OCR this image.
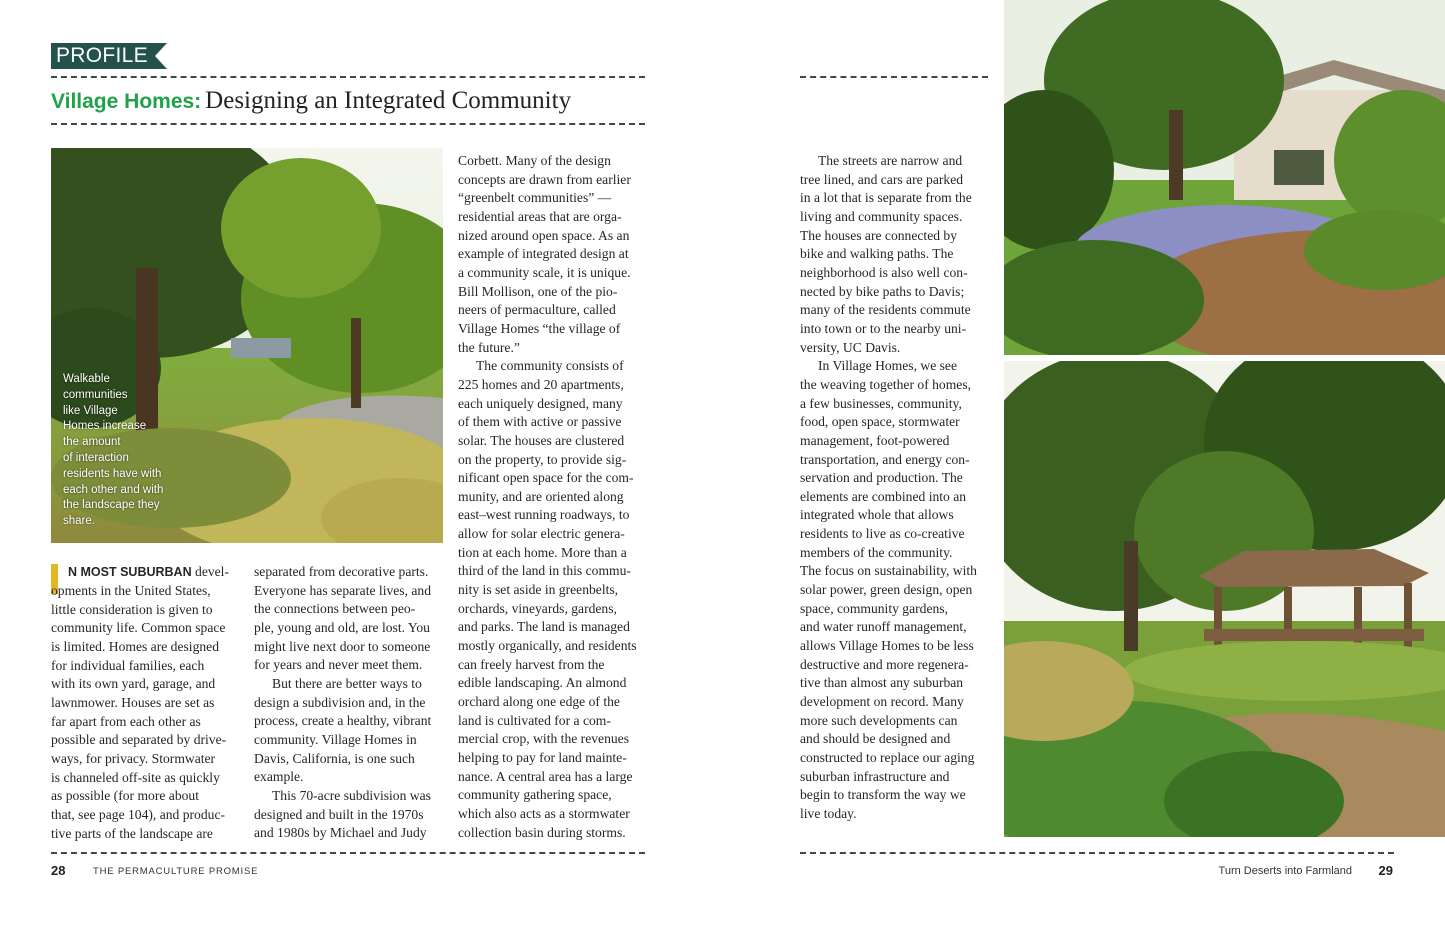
PROFILE
Village Homes: Designing an Integrated Community
Walkable
communities
like Village
Homes increase
the amount
of interaction
residents have with
each other and with
the landscape they
share.

N MOST SUBURBAN devel-

opments in the United States,

little consideration is given to

community life. Common space

is limited. Homes are designed

for individual families, each

with its own yard, garage, and

lawnmower. Houses are set as

far apart from each other as

possible and separated by drive-

ways, for privacy. Stormwater

is channeled off-site as quickly

as possible (for more about

that, see page 104), and produc-

tive parts of the landscape are

separated from decorative parts.

Everyone has separate lives, and

the connections between peo-

ple, young and old, are lost. You

might live next door to someone

for years and never meet them.

But there are better ways to

design a subdivision and, in the

process, create a healthy, vibrant

community. Village Homes in

Davis, California, is one such

example.

This 70-acre subdivision was

designed and built in the 1970s

and 1980s by Michael and Judy

Corbett. Many of the design

concepts are drawn from earlier

“greenbelt communities” —

residential areas that are orga-

nized around open space. As an

example of integrated design at

a community scale, it is unique.

Bill Mollison, one of the pio-

neers of permaculture, called

Village Homes “the village of

the future.”

The community consists of

225 homes and 20 apartments,

each uniquely designed, many

of them with active or passive

solar. The houses are clustered

on the property, to provide sig-

nificant open space for the com-

munity, and are oriented along

east–west running roadways, to

allow for solar electric genera-

tion at each home. More than a

third of the land in this commu-

nity is set aside in greenbelts,

orchards, vineyards, gardens,

and parks. The land is managed

mostly organically, and residents

can freely harvest from the

edible landscaping. An almond

orchard along one edge of the

land is cultivated for a com-

mercial crop, with the revenues

helping to pay for land mainte-

nance. A central area has a large

community gathering space,

which also acts as a stormwater

collection basin during storms.

28	THE PERMACULTURE PROMISE

The streets are narrow and

tree lined, and cars are parked

in a lot that is separate from the

living and community spaces.

The houses are connected by

bike and walking paths. The

neighborhood is also well con-

nected by bike paths to Davis;

many of the residents commute

into town or to the nearby uni-

versity, UC Davis.

In Village Homes, we see

the weaving together of homes,

a few businesses, community,

food, open space, stormwater

management, foot-powered

transportation, and energy con-

servation and production. The

elements are combined into an

integrated whole that allows

residents to live as co-creative

members of the community.

The focus on sustainability, with

solar power, green design, open

space, community gardens,

and water runoff management,

allows Village Homes to be less

destructive and more regenera-

tive than almost any suburban

development on record. Many

more such developments can

and should be designed and

constructed to replace our aging

suburban infrastructure and

begin to transform the way we

live today.

Turn Deserts into Farmland 29
